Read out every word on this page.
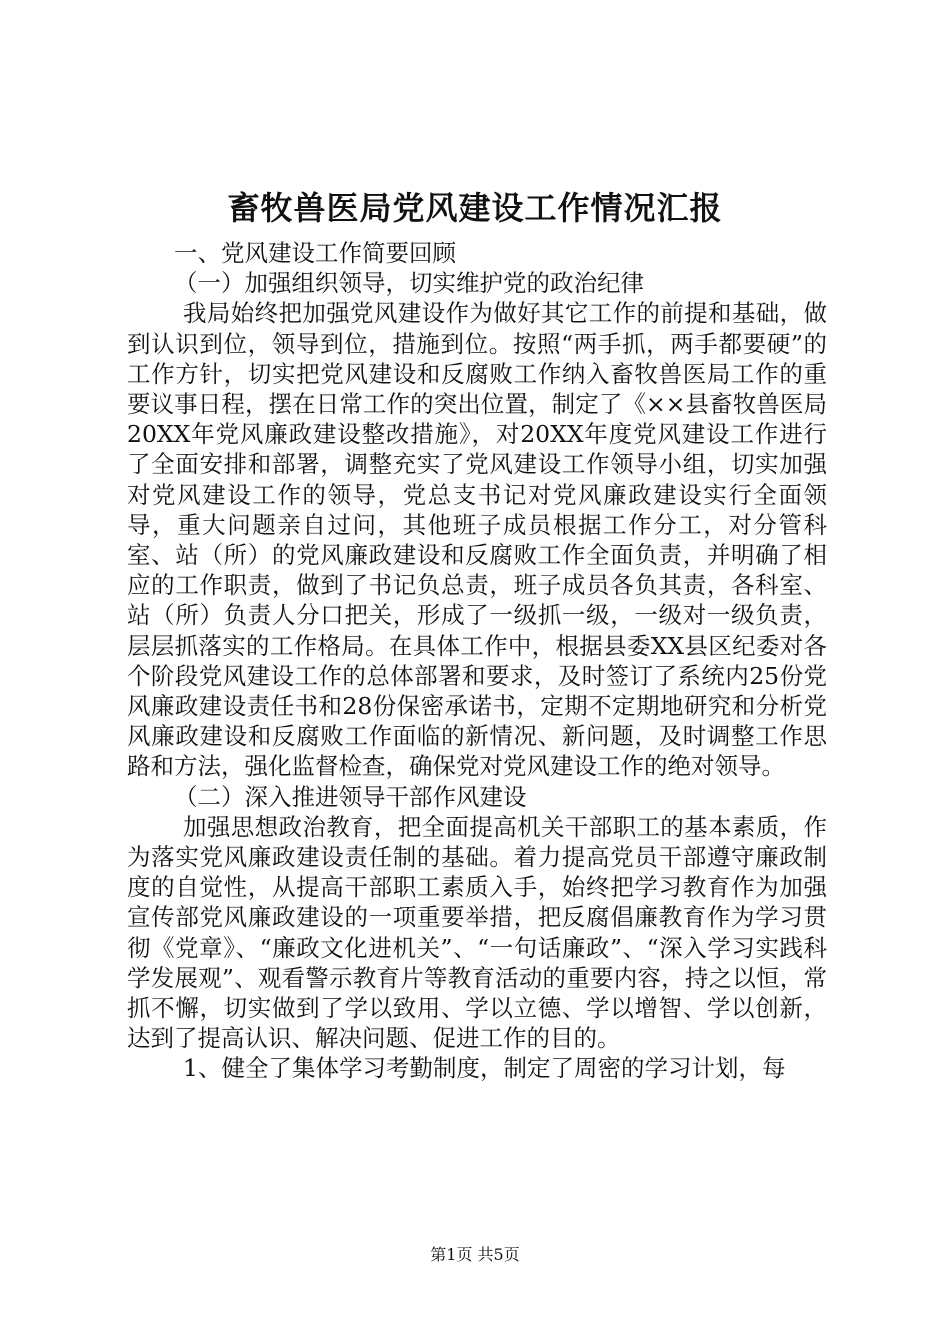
畜牧兽医局党风建设工作情况汇报

一、党风建设工作简要回顾

（一）加强组织领导，切实维护党的政治纪律

我局始终把加强党风建设作为做好其它工作的前提和基础，做到认识到位，领导到位，措施到位。按照“两手抓，两手都要硬”的工作方针，切实把党风建设和反腐败工作纳入畜牧兽医局工作的重要议事日程，摆在日常工作的突出位置，制定了《××县畜牧兽医局20XX年党风廉政建设整改措施》，对20XX年度党风建设工作进行了全面安排和部署，调整充实了党风建设工作领导小组，切实加强对党风建设工作的领导，党总支书记对党风廉政建设实行全面领导，重大问题亲自过问，其他班子成员根据工作分工，对分管科室、站（所）的党风廉政建设和反腐败工作全面负责，并明确了相应的工作职责，做到了书记负总责，班子成员各负其责，各科室、站（所）负责人分口把关，形成了一级抓一级，一级对一级负责，层层抓落实的工作格局。在具体工作中，根据县委XX县区纪委对各个阶段党风建设工作的总体部署和要求，及时签订了系统内25份党风廉政建设责任书和28份保密承诺书，定期不定期地研究和分析党风廉政建设和反腐败工作面临的新情况、新问题，及时调整工作思路和方法，强化监督检查，确保党对党风建设工作的绝对领导。

（二）深入推进领导干部作风建设

加强思想政治教育，把全面提高机关干部职工的基本素质，作为落实党风廉政建设责任制的基础。着力提高党员干部遵守廉政制度的自觉性，从提高干部职工素质入手，始终把学习教育作为加强宣传部党风廉政建设的一项重要举措，把反腐倡廉教育作为学习贯彻《党章》、“廉政文化进机关”、“一句话廉政”、“深入学习实践科学发展观”、观看警示教育片等教育活动的重要内容，持之以恒，常抓不懈，切实做到了学以致用、学以立德、学以增智、学以创新，达到了提高认识、解决问题、促进工作的目的。

1、健全了集体学习考勤制度，制定了周密的学习计划，每

第1页 共5页
